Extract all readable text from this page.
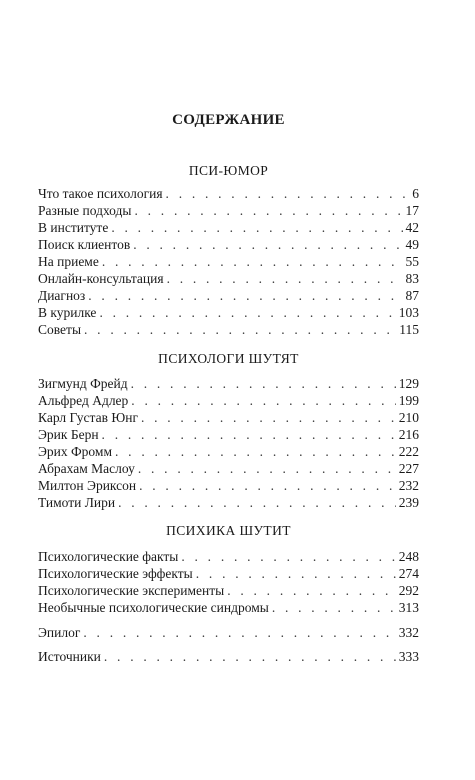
СОДЕРЖАНИЕ
ПСИ-ЮМОР
Что такое психология . . .	6
Разные подходы . . .	17
В институте . . .	42
Поиск клиентов . . .	49
На приеме . . .	55
Онлайн-консультация . . .	83
Диагноз . . .	87
В курилке . . .	103
Советы . . .	115
ПСИХОЛОГИ ШУТЯТ
Зигмунд Фрейд . . .	129
Альфред Адлер . . .	199
Карл Густав Юнг . . .	210
Эрик Берн . . .	216
Эрих Фромм . . .	222
Абрахам Маслоу . . .	227
Милтон Эриксон . . .	232
Тимоти Лири . . .	239
ПСИХИКА ШУТИТ
Психологические факты . . .	248
Психологические эффекты . . .	274
Психологические эксперименты . . .	292
Необычные психологические синдромы . . .	313
Эпилог . . .	332
Источники . . .	333
